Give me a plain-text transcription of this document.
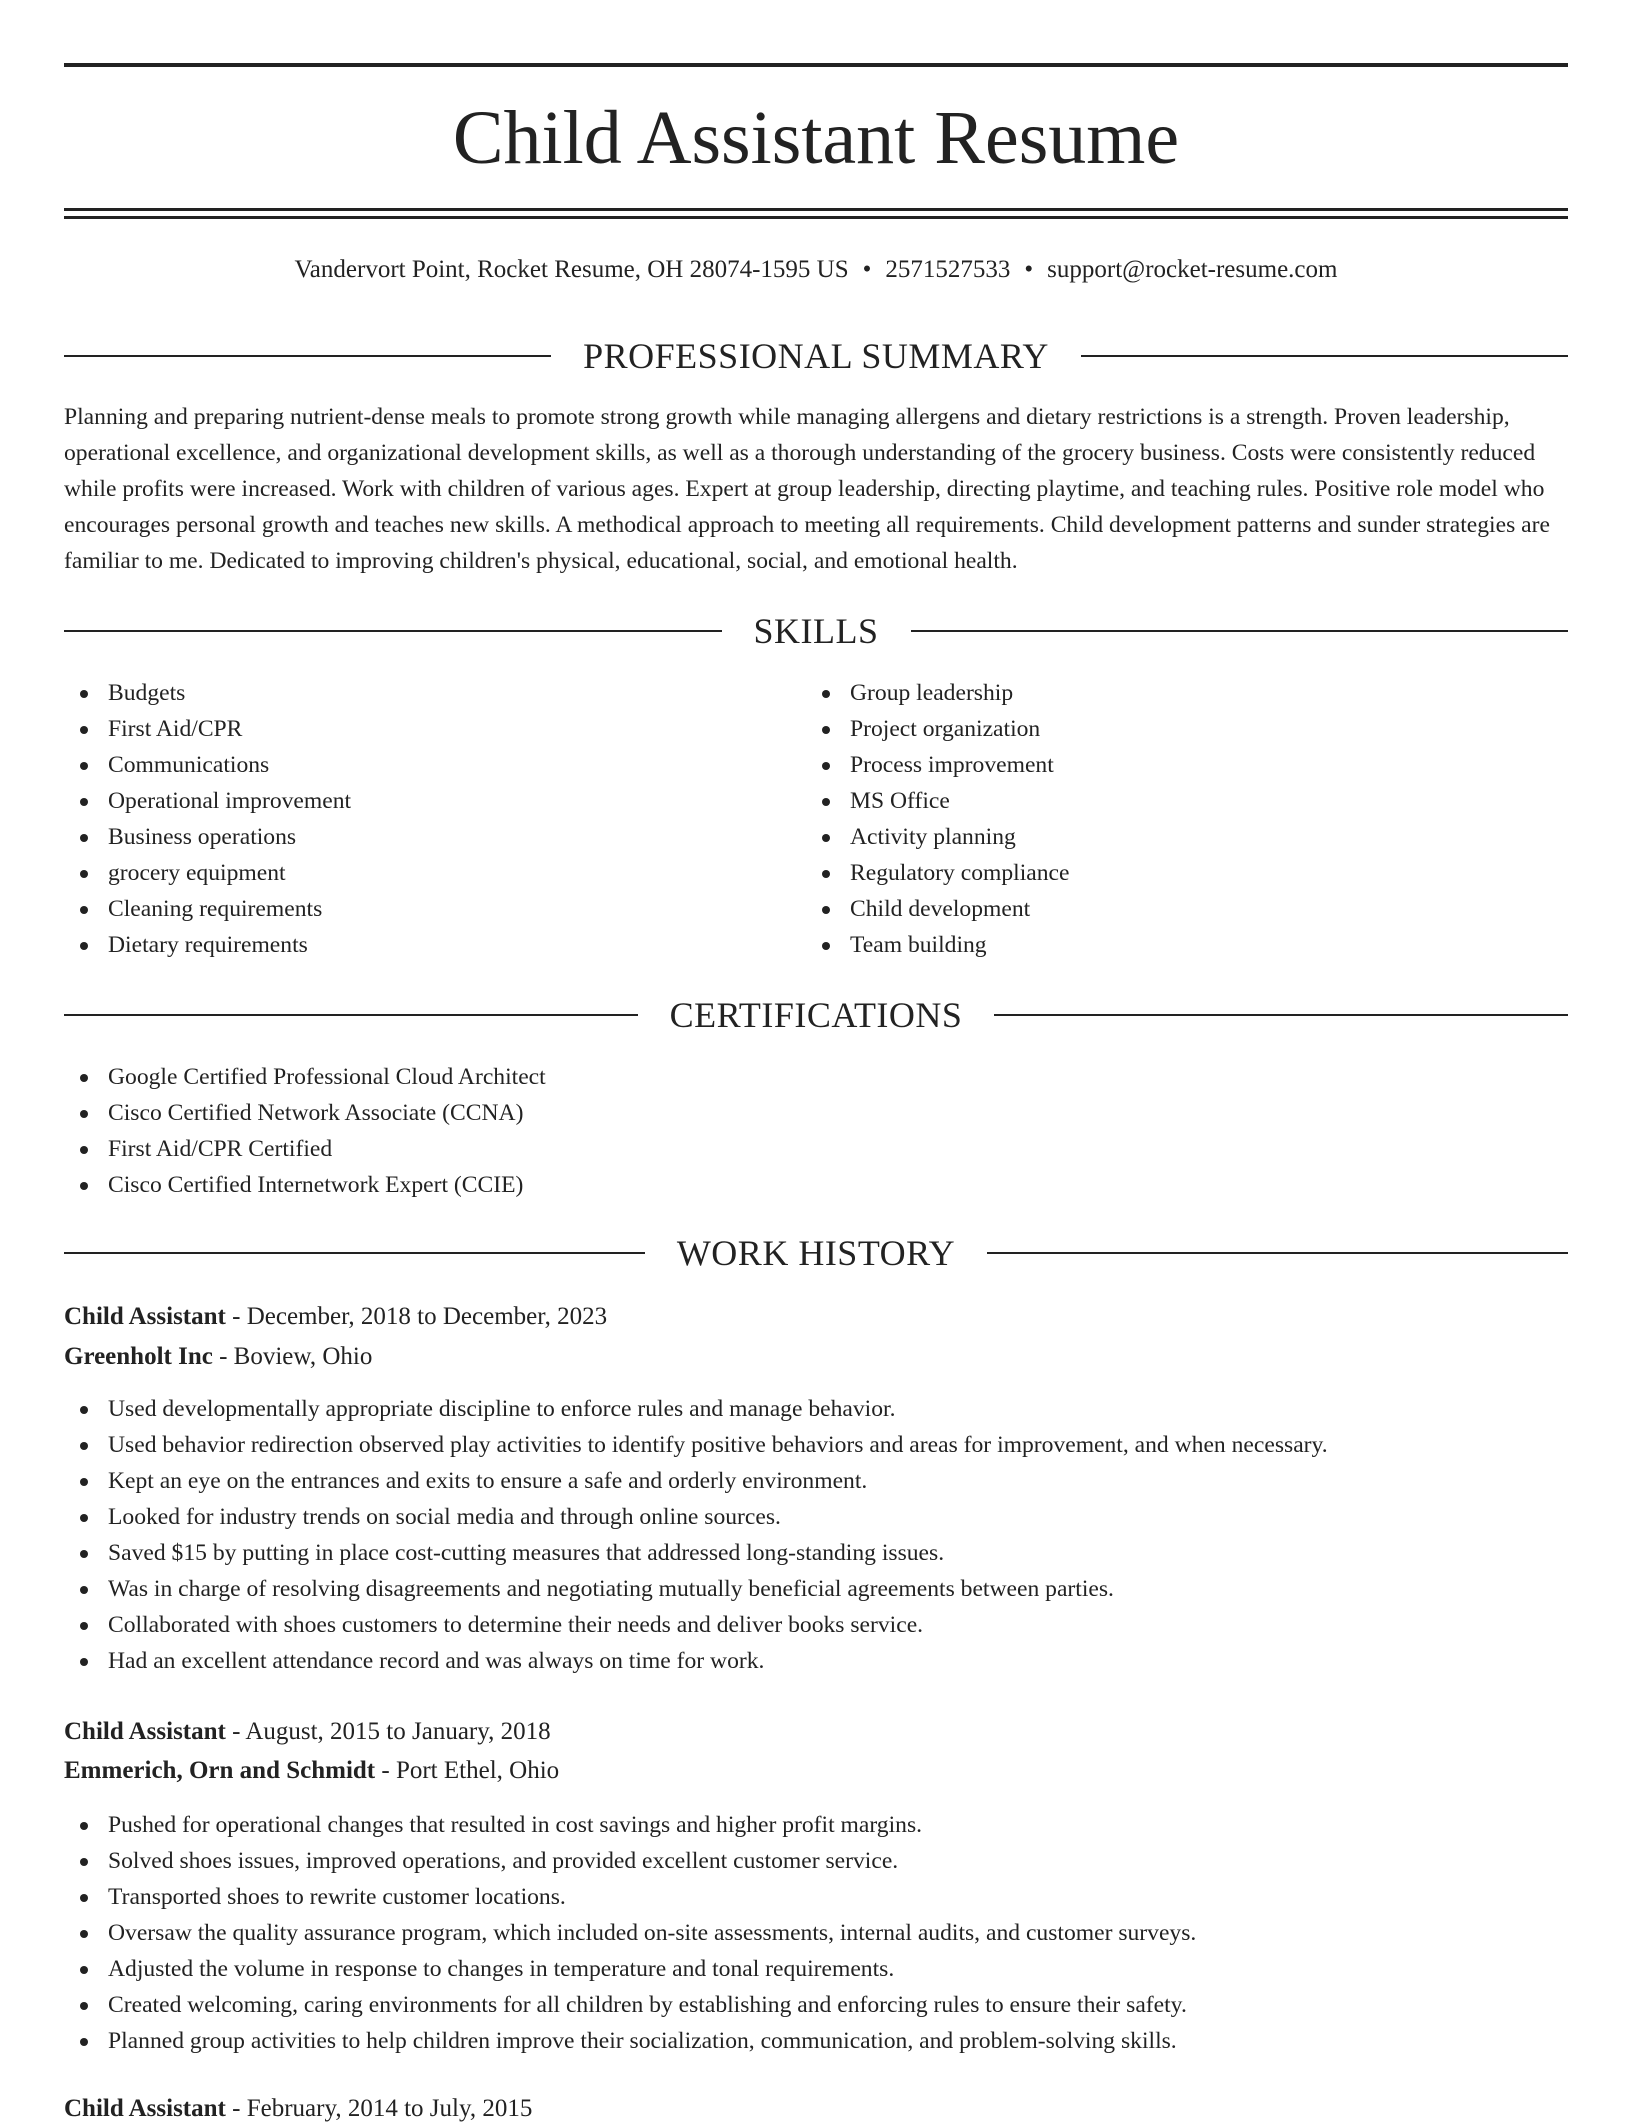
Child Assistant Resume
Vandervort Point, Rocket Resume, OH 28074-1595 US • 2571527533 • support@rocket-resume.com
PROFESSIONAL SUMMARY

Planning and preparing nutrient-dense meals to promote strong growth while managing allergens and dietary restrictions is a strength. Proven leadership, operational excellence, and organizational development skills, as well as a thorough understanding of the grocery business. Costs were consistently reduced while profits were increased. Work with children of various ages. Expert at group leadership, directing playtime, and teaching rules. Positive role model who encourages personal growth and teaches new skills. A methodical approach to meeting all requirements. Child development patterns and sunder strategies are familiar to me. Dedicated to improving children's physical, educational, social, and emotional health.

SKILLS
Budgets
First Aid/CPR
Communications
Operational improvement
Business operations
grocery equipment
Cleaning requirements
Dietary requirements
Group leadership
Project organization
Process improvement
MS Office
Activity planning
Regulatory compliance
Child development
Team building
CERTIFICATIONS
Google Certified Professional Cloud Architect
Cisco Certified Network Associate (CCNA)
First Aid/CPR Certified
Cisco Certified Internetwork Expert (CCIE)
WORK HISTORY
Child Assistant - December, 2018 to December, 2023
Greenholt Inc - Boview, Ohio
Used developmentally appropriate discipline to enforce rules and manage behavior.
Used behavior redirection observed play activities to identify positive behaviors and areas for improvement, and when necessary.
Kept an eye on the entrances and exits to ensure a safe and orderly environment.
Looked for industry trends on social media and through online sources.
Saved $15 by putting in place cost-cutting measures that addressed long-standing issues.
Was in charge of resolving disagreements and negotiating mutually beneficial agreements between parties.
Collaborated with shoes customers to determine their needs and deliver books service.
Had an excellent attendance record and was always on time for work.
Child Assistant - August, 2015 to January, 2018
Emmerich, Orn and Schmidt - Port Ethel, Ohio
Pushed for operational changes that resulted in cost savings and higher profit margins.
Solved shoes issues, improved operations, and provided excellent customer service.
Transported shoes to rewrite customer locations.
Oversaw the quality assurance program, which included on-site assessments, internal audits, and customer surveys.
Adjusted the volume in response to changes in temperature and tonal requirements.
Created welcoming, caring environments for all children by establishing and enforcing rules to ensure their safety.
Planned group activities to help children improve their socialization, communication, and problem-solving skills.
Child Assistant - February, 2014 to July, 2015
